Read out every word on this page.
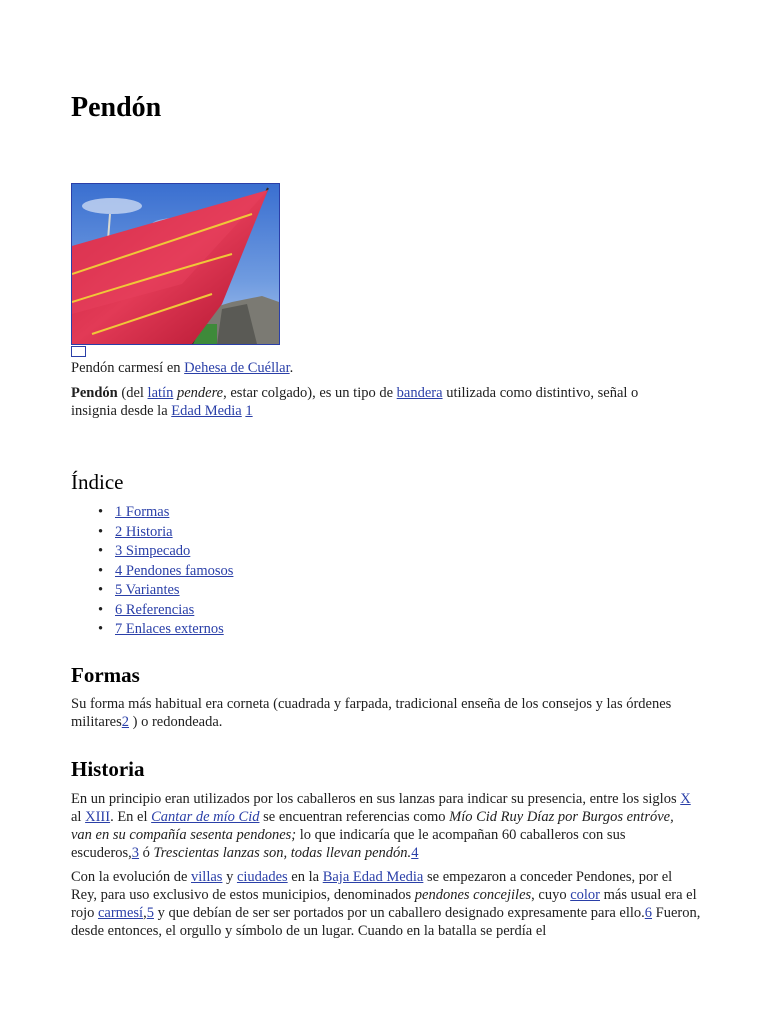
Pendón

Pendón carmesí en Dehesa de Cuéllar.

Pendón (del latín pendere, estar colgado), es un tipo de bandera utilizada como distintivo, señal o insignia desde la Edad Media 1

Índice
• 1 Formas
• 2 Historia
• 3 Simpecado
• 4 Pendones famosos
• 5 Variantes
• 6 Referencias
• 7 Enlaces externos
Formas

Su forma más habitual era corneta (cuadrada y farpada, tradicional enseña de los consejos y las órdenes militares2 ) o redondeada.

Historia

En un principio eran utilizados por los caballeros en sus lanzas para indicar su presencia, entre los siglos X al XIII. En el Cantar de mío Cid se encuentran referencias como Mío Cid Ruy Díaz por Burgos entróve, van en su compañía sesenta pendones; lo que indicaría que le acompañan 60 caballeros con sus escuderos,3 ó Trescientas lanzas son, todas llevan pendón.4

Con la evolución de villas y ciudades en la Baja Edad Media se empezaron a conceder Pendones, por el Rey, para uso exclusivo de estos municipios, denominados pendones concejiles, cuyo color más usual era el rojo carmesí,5 y que debían de ser ser portados por un caballero designado expresamente para ello.6 Fueron, desde entonces, el orgullo y símbolo de un lugar. Cuando en la batalla se perdía el
